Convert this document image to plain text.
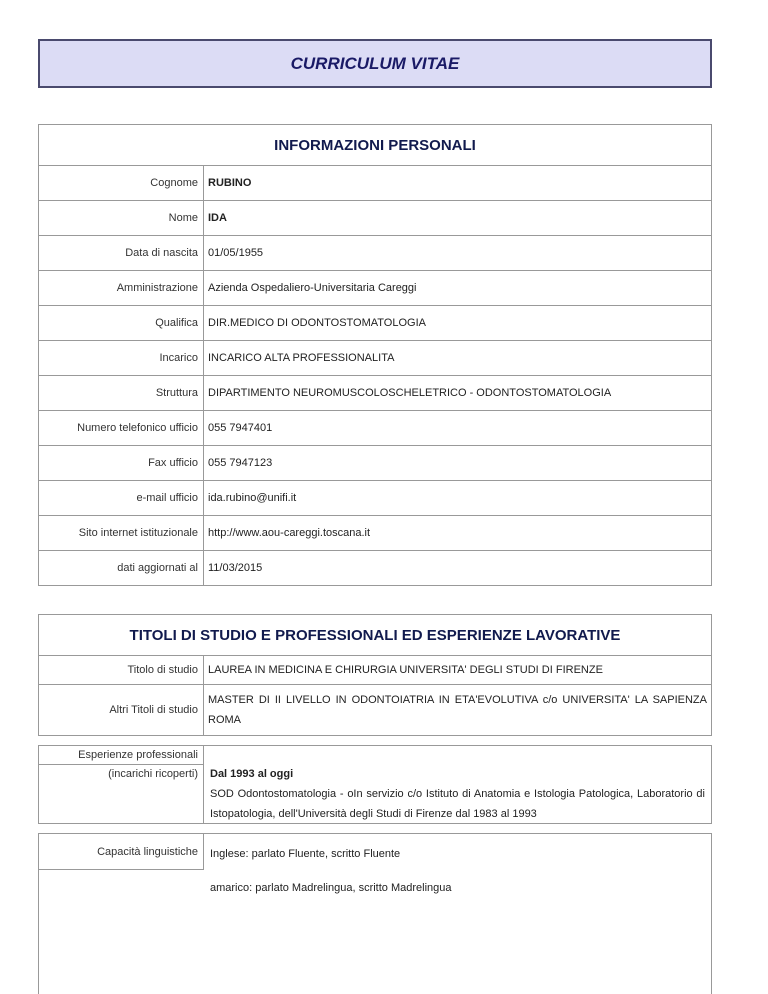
CURRICULUM VITAE
INFORMAZIONI PERSONALI
Cognome	RUBINO
Nome	IDA
Data di nascita	01/05/1955
Amministrazione	Azienda Ospedaliero-Universitaria Careggi
Qualifica	DIR.MEDICO DI ODONTOSTOMATOLOGIA
Incarico	INCARICO ALTA PROFESSIONALITA
Struttura	DIPARTIMENTO NEUROMUSCOLOSCHELETRICO - ODONTOSTOMATOLOGIA
Numero telefonico ufficio	055 7947401
Fax ufficio	055 7947123
e-mail ufficio	ida.rubino@unifi.it
Sito internet istituzionale	http://www.aou-careggi.toscana.it
dati aggiornati al	11/03/2015
TITOLI DI STUDIO E PROFESSIONALI ED ESPERIENZE LAVORATIVE
Titolo di studio	LAUREA IN MEDICINA E CHIRURGIA UNIVERSITA' DEGLI STUDI DI FIRENZE
Altri Titoli di studio	MASTER DI II LIVELLO IN ODONTOIATRIA IN ETA'EVOLUTIVA c/o UNIVERSITA' LA SAPIENZA ROMA
Esperienze professionali
(incarichi ricoperti)	Dal 1993 al oggi
SOD Odontostomatologia - oIn servizio c/o Istituto di Anatomia e Istologia Patologica, Laboratorio di Istopatologia, dell'Università degli Studi di Firenze dal 1983 al 1993
Capacità linguistiche	Inglese: parlato Fluente, scritto Fluente
amarico: parlato Madrelingua, scritto Madrelingua
